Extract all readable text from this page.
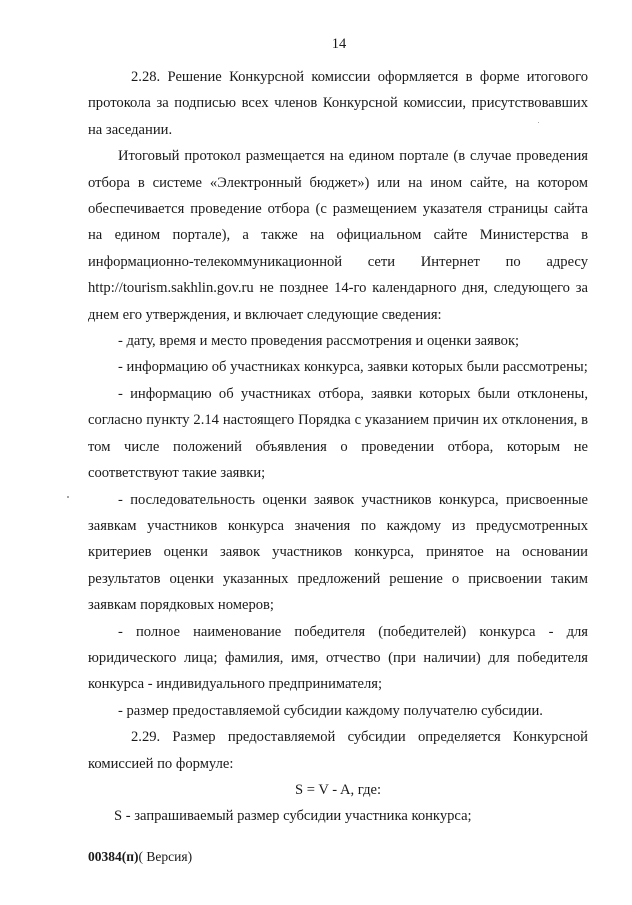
14

2.28. Решение Конкурсной комиссии оформляется в форме итогового протокола за подписью всех членов Конкурсной комиссии, присутствовавших на заседании.

Итоговый протокол размещается на едином портале (в случае проведения отбора в системе «Электронный бюджет») или на ином сайте, на котором обеспечивается проведение отбора (с размещением указателя страницы сайта на едином портале), а также на официальном сайте Министерства в информационно-телекоммуникационной сети Интернет по адресу http://tourism.sakhlin.gov.ru не позднее 14-го календарного дня, следующего за днем его утверждения, и включает следующие сведения:

- дату, время и место проведения рассмотрения и оценки заявок;

- информацию об участниках конкурса, заявки которых были рассмотрены;

- информацию об участниках отбора, заявки которых были отклонены, согласно пункту 2.14 настоящего Порядка с указанием причин их отклонения, в том числе положений объявления о проведении отбора, которым не соответствуют такие заявки;

- последовательность оценки заявок участников конкурса, присвоенные заявкам участников конкурса значения по каждому из предусмотренных критериев оценки заявок участников конкурса, принятое на основании результатов оценки указанных предложений решение о присвоении таким заявкам порядковых номеров;

- полное наименование победителя (победителей) конкурса - для юридического лица; фамилия, имя, отчество (при наличии) для победителя конкурса - индивидуального предпринимателя;

- размер предоставляемой субсидии каждому получателю субсидии.

2.29. Размер предоставляемой субсидии определяется Конкурсной комиссией по формуле:

S = V - A, где:

S - запрашиваемый размер субсидии участника конкурса;

00384(п)( Версия)
